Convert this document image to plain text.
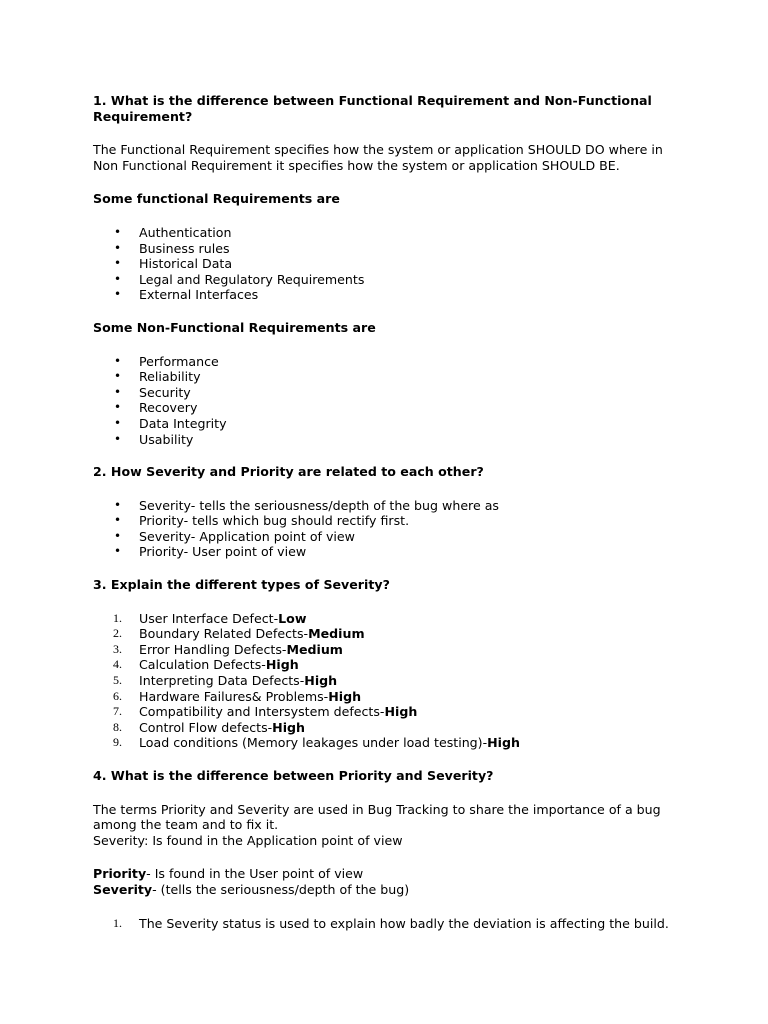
1. What is the difference between Functional Requirement and Non-Functional Requirement?

The Functional Requirement specifies how the system or application SHOULD DO where in

Non Functional Requirement it specifies how the system or application SHOULD BE.

Some functional Requirements are

• Authentication
• Business rules
• Historical Data
• Legal and Regulatory Requirements
• External Interfaces

Some Non-Functional Requirements are

• Performance
• Reliability
• Security
• Recovery
• Data Integrity
• Usability
2. How Severity and Priority are related to each other?
• Severity- tells the seriousness/depth of the bug where as
• Priority- tells which bug should rectify first.
• Severity- Application point of view
• Priority- User point of view
3. Explain the different types of Severity?
1. User Interface Defect-Low
2. Boundary Related Defects-Medium
3. Error Handling Defects-Medium
4. Calculation Defects-High
5. Interpreting Data Defects-High
6. Hardware Failures& Problems-High
7. Compatibility and Intersystem defects-High
8. Control Flow defects-High
9. Load conditions (Memory leakages under load testing)-High
4. What is the difference between Priority and Severity?

The terms Priority and Severity are used in Bug Tracking to share the importance of a bug among the team and to fix it.

Severity: Is found in the Application point of view

Priority- Is found in the User point of view

Severity- (tells the seriousness/depth of the bug)

1. The Severity status is used to explain how badly the deviation is affecting the build.
